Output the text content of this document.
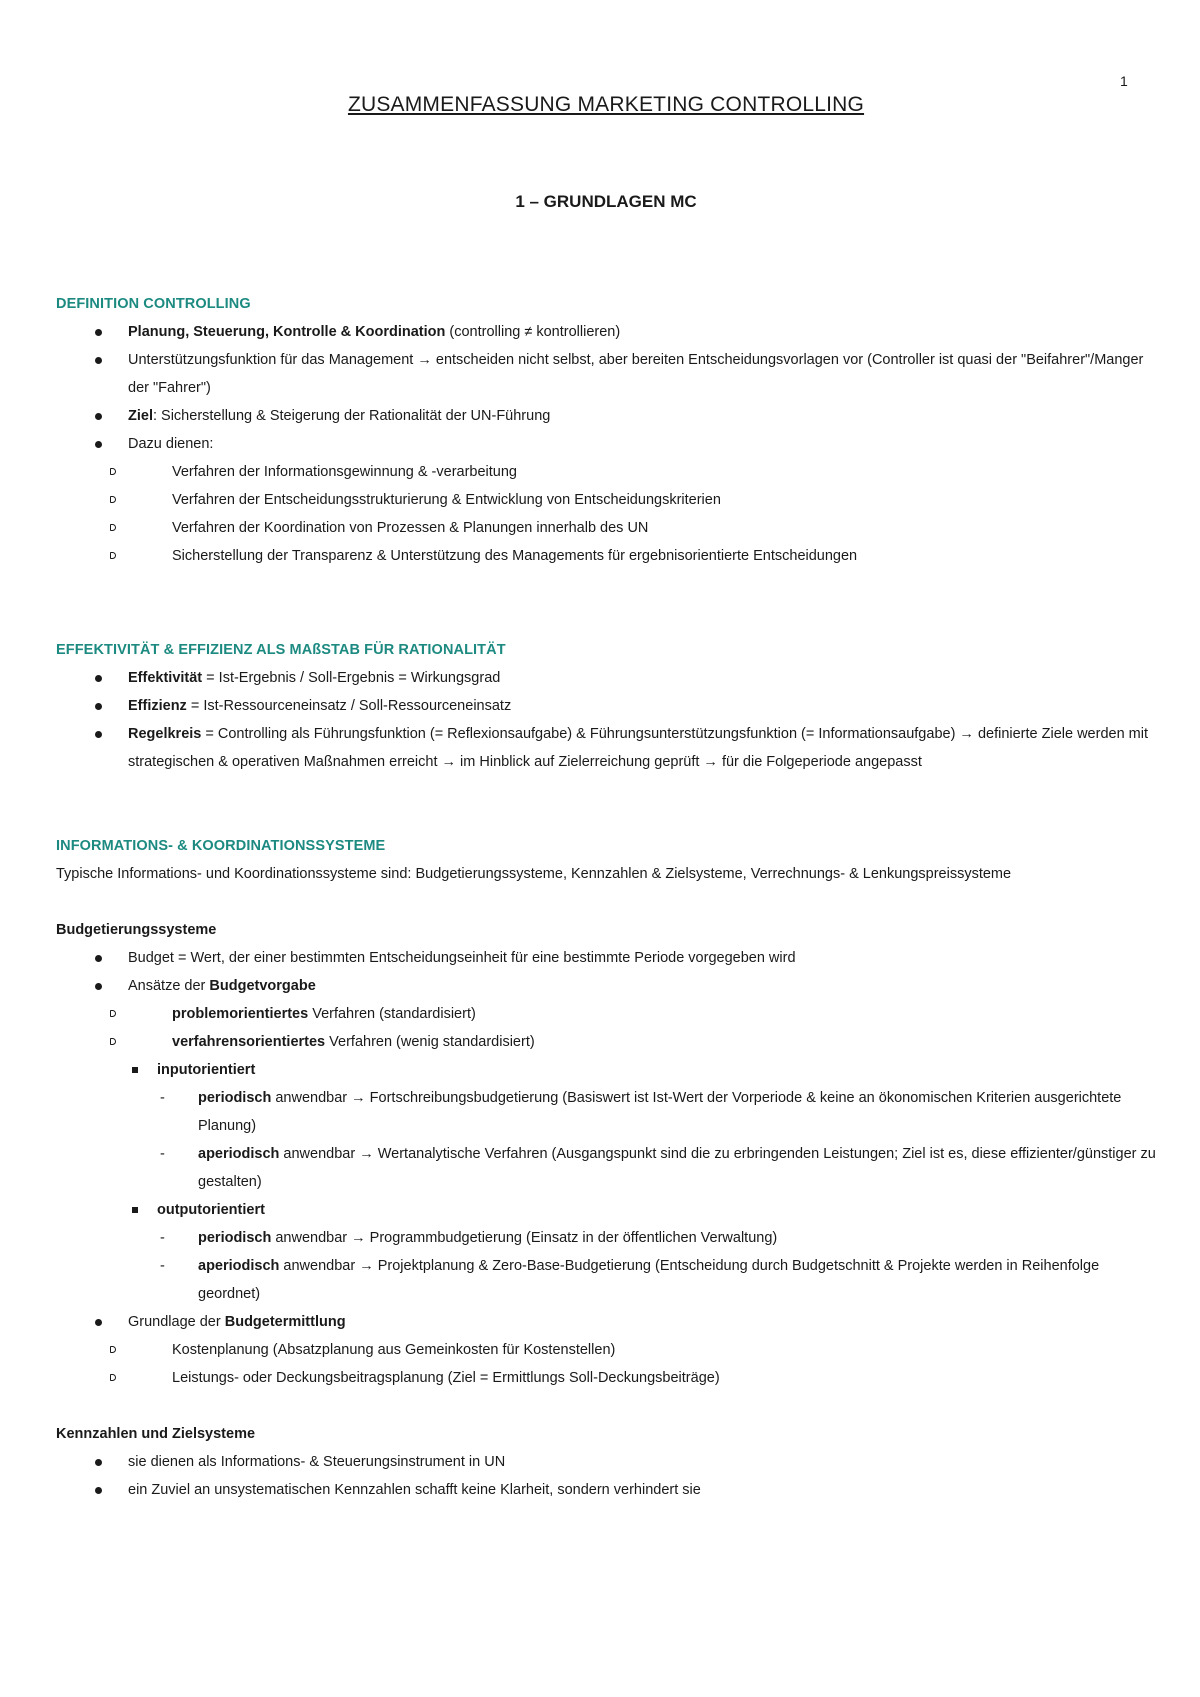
1
ZUSAMMENFASSUNG MARKETING CONTROLLING
1 – GRUNDLAGEN MC

DEFINITION CONTROLLING

Planung, Steuerung, Kontrolle & Koordination (controlling ≠ kontrollieren)
Unterstützungsfunktion für das Management → entscheiden nicht selbst, aber bereiten Entscheidungsvorlagen vor (Controller ist quasi der "Beifahrer"/Manger der "Fahrer")
Ziel: Sicherstellung & Steigerung der Rationalität der UN-Führung
Dazu dienen:
Verfahren der Informationsgewinnung & -verarbeitung
Verfahren der Entscheidungsstrukturierung & Entwicklung von Entscheidungskriterien
Verfahren der Koordination von Prozessen & Planungen innerhalb des UN
Sicherstellung der Transparenz & Unterstützung des Managements für ergebnisorientierte Entscheidungen

EFFEKTIVITÄT & EFFIZIENZ ALS MAßSTAB FÜR RATIONALITÄT

Effektivität = Ist-Ergebnis / Soll-Ergebnis = Wirkungsgrad
Effizienz = Ist-Ressourceneinsatz / Soll-Ressourceneinsatz
Regelkreis = Controlling als Führungsfunktion (= Reflexionsaufgabe) & Führungsunterstützungsfunktion (= Informationsaufgabe) → definierte Ziele werden mit strategischen & operativen Maßnahmen erreicht → im Hinblick auf Zielerreichung geprüft → für die Folgeperiode angepasst

INFORMATIONS- & KOORDINATIONSSYSTEME

Typische Informations- und Koordinationssysteme sind: Budgetierungssysteme, Kennzahlen & Zielsysteme, Verrechnungs- & Lenkungspreissysteme

Budgetierungssysteme

Budget = Wert, der einer bestimmten Entscheidungseinheit für eine bestimmte Periode vorgegeben wird
Ansätze der Budgetvorgabe
problemorientiertes Verfahren (standardisiert)
verfahrensorientiertes Verfahren (wenig standardisiert)
inputorientiert
- periodisch anwendbar → Fortschreibungsbudgetierung (Basiswert ist Ist-Wert der Vorperiode & keine an ökonomischen Kriterien ausgerichtete Planung)
- aperiodisch anwendbar → Wertanalytische Verfahren (Ausgangspunkt sind die zu erbringenden Leistungen; Ziel ist es, diese effizienter/günstiger zu gestalten)
outputorientiert
- periodisch anwendbar → Programmbudgetierung (Einsatz in der öffentlichen Verwaltung)
- aperiodisch anwendbar → Projektplanung & Zero-Base-Budgetierung (Entscheidung durch Budgetschnitt & Projekte werden in Reihenfolge geordnet)
Grundlage der Budgetermittlung
Kostenplanung (Absatzplanung aus Gemeinkosten für Kostenstellen)
Leistungs- oder Deckungsbeitragsplanung (Ziel = Ermittlungs Soll-Deckungsbeiträge)

Kennzahlen und Zielsysteme

sie dienen als Informations- & Steuerungsinstrument in UN
ein Zuviel an unsystematischen Kennzahlen schafft keine Klarheit, sondern verhindert sie
